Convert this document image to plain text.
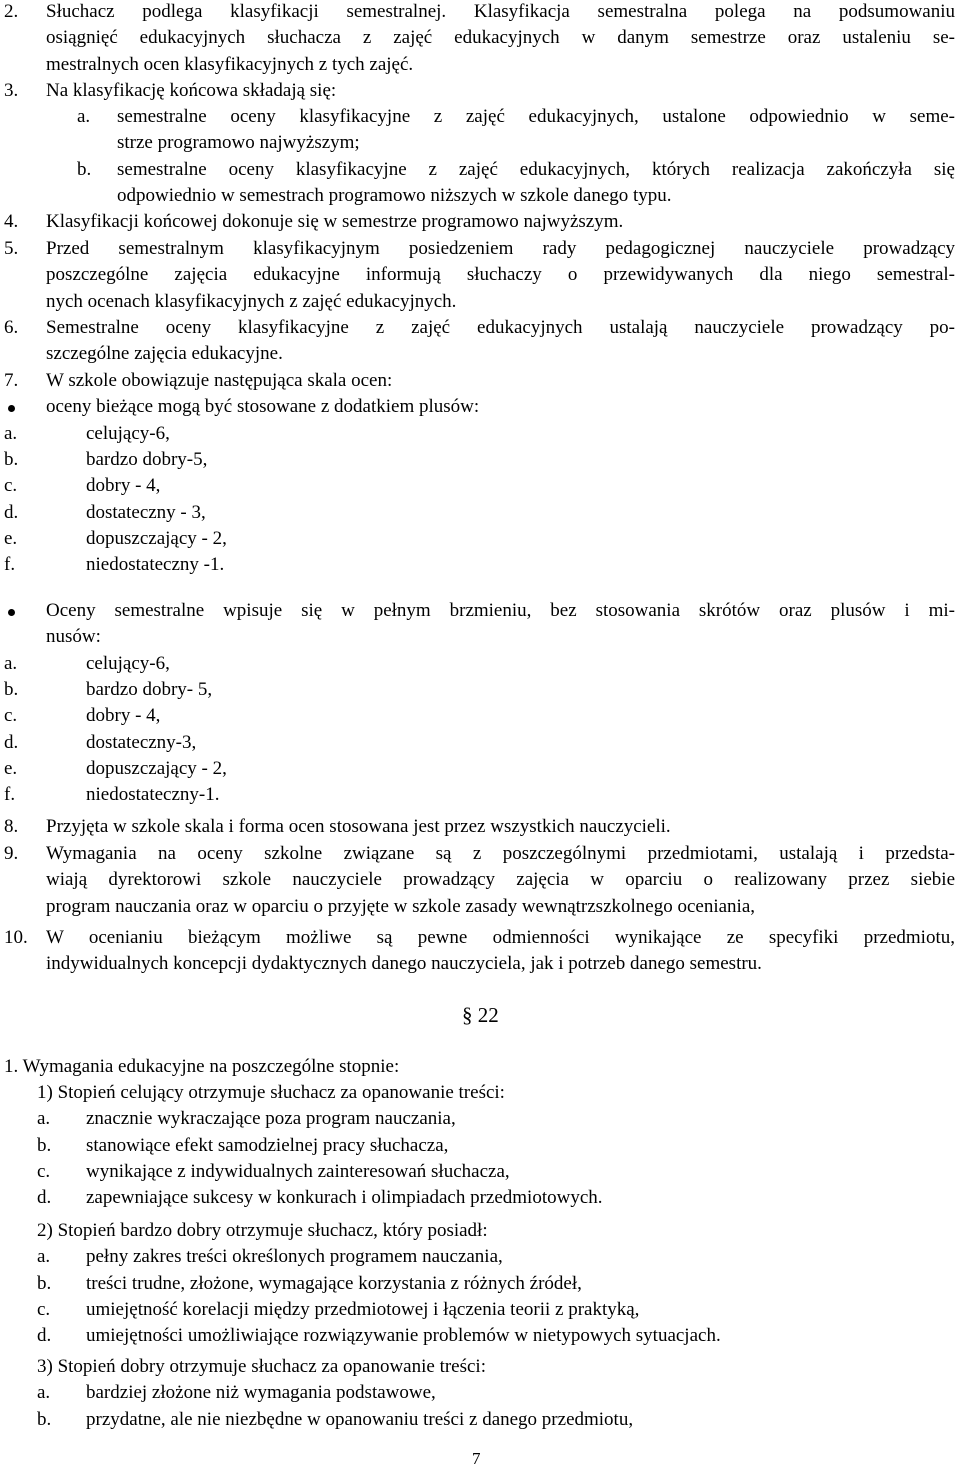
2. Słuchacz podlega klasyfikacji semestralnej. Klasyfikacja semestralna polega na podsumowaniu
osiągnięć edukacyjnych słuchacza z zajęć edukacyjnych w danym semestrze oraz ustaleniu se-
mestralnych ocen klasyfikacyjnych z tych zajęć.
3. Na klasyfikację końcowa składają się:
a. semestralne oceny klasyfikacyjne z zajęć edukacyjnych, ustalone odpowiednio w seme-
strze programowo najwyższym;
b. semestralne oceny klasyfikacyjne z zajęć edukacyjnych, których realizacja zakończyła się
odpowiednio w semestrach programowo niższych w szkole danego typu.
4. Klasyfikacji końcowej dokonuje się w semestrze programowo najwyższym.
5. Przed semestralnym klasyfikacyjnym posiedzeniem rady pedagogicznej nauczyciele prowadzący
poszczególne zajęcia edukacyjne informują słuchaczy o przewidywanych dla niego semestral-
nych ocenach klasyfikacyjnych z zajęć edukacyjnych.
6. Semestralne oceny klasyfikacyjne z zajęć edukacyjnych ustalają nauczyciele prowadzący po-
szczególne zajęcia edukacyjne.
7. W szkole obowiązuje następująca skala ocen:
oceny bieżące mogą być stosowane z dodatkiem plusów:
a.	celujący-6,
b.	bardzo dobry-5,
c.	dobry - 4,
d.	dostateczny - 3,
e.	dopuszczający - 2,
f.	niedostateczny -1.
Oceny semestralne wpisuje się w pełnym brzmieniu, bez stosowania skrótów oraz plusów i mi-
nusów:
a.	celujący-6,
b.	bardzo dobry- 5,
c.	dobry - 4,
d.	dostateczny-3,
e.	dopuszczający - 2,
f.	niedostateczny-1.
8. Przyjęta w szkole skala i forma ocen stosowana jest przez wszystkich nauczycieli.
9. Wymagania na oceny szkolne związane są z poszczególnymi przedmiotami, ustalają i przedsta-
wiają dyrektorowi szkole nauczyciele prowadzący zajęcia w oparciu o realizowany przez siebie
program nauczania oraz w oparciu o przyjęte w szkole zasady wewnątrzszkolnego oceniania,
10. W ocenianiu bieżącym możliwe są pewne odmienności wynikające ze specyfiki przedmiotu,
indywidualnych koncepcji dydaktycznych danego nauczyciela, jak i potrzeb danego semestru.
§ 22
1. Wymagania edukacyjne na poszczególne stopnie:
1) Stopień celujący otrzymuje słuchacz za opanowanie treści:
a. znacznie wykraczające poza program nauczania,
b. stanowiące efekt samodzielnej pracy słuchacza,
c. wynikające z indywidualnych zainteresowań słuchacza,
d. zapewniające sukcesy w konkurach i olimpiadach przedmiotowych.
2) Stopień bardzo dobry otrzymuje słuchacz, który posiadł:
a. pełny zakres treści określonych programem nauczania,
b. treści trudne, złożone, wymagające korzystania z różnych źródeł,
c. umiejętność korelacji między przedmiotowej i łączenia teorii z praktyką,
d. umiejętności umożliwiające rozwiązywanie problemów w nietypowych sytuacjach.
3) Stopień dobry otrzymuje słuchacz za opanowanie treści:
a. bardziej złożone niż wymagania podstawowe,
b. przydatne, ale nie niezbędne w opanowaniu treści z danego przedmiotu,
7
